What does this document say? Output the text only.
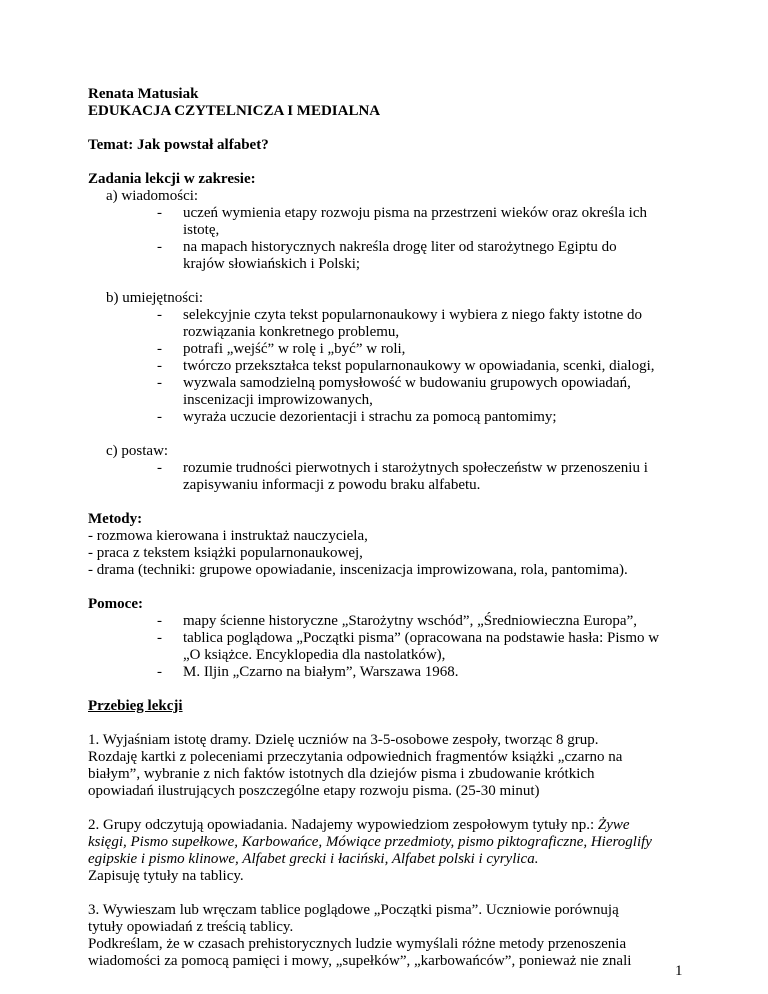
Renata Matusiak
EDUKACJA CZYTELNICZA I MEDIALNA
Temat: Jak powstał alfabet?
Zadania lekcji w zakresie:
a) wiadomości:
- uczeń wymienia etapy rozwoju pisma na przestrzeni wieków oraz określa ich
istotę,
- na mapach historycznych nakreśla drogę liter od starożytnego Egiptu do
krajów słowiańskich i Polski;
b) umiejętności:
- selekcyjnie czyta tekst popularnonaukowy i wybiera z niego fakty istotne do
rozwiązania konkretnego problemu,
- potrafi „wejść” w rolę i „być” w roli,
- twórczo przekształca tekst popularnonaukowy w opowiadania, scenki, dialogi,
- wyzwala samodzielną pomysłowość w budowaniu grupowych opowiadań,
inscenizacji improwizowanych,
- wyraża uczucie dezorientacji i strachu za pomocą pantomimy;
c) postaw:
- rozumie trudności pierwotnych i starożytnych społeczeństw w przenoszeniu i
zapisywaniu informacji z powodu braku alfabetu.
Metody:
- rozmowa kierowana i instruktaż nauczyciela,
- praca z tekstem książki popularnonaukowej,
- drama (techniki: grupowe opowiadanie, inscenizacja improwizowana, rola, pantomima).
Pomoce:
- mapy ścienne historyczne „Starożytny wschód”, „Średniowieczna Europa”,
- tablica poglądowa „Początki pisma” (opracowana na podstawie hasła: Pismo w
„O książce. Encyklopedia dla nastolatków),
- M. Iljin „Czarno na białym”, Warszawa 1968.
Przebieg lekcji
1. Wyjaśniam istotę dramy. Dzielę uczniów na 3-5-osobowe zespoły, tworząc 8 grup.
Rozdaję kartki z poleceniami przeczytania odpowiednich fragmentów książki „czarno na
białym”, wybranie z nich faktów istotnych dla dziejów pisma i zbudowanie krótkich
opowiadań ilustrujących poszczególne etapy rozwoju pisma. (25-30 minut)
2. Grupy odczytują opowiadania. Nadajemy wypowiedziom zespołowym tytuły np.: Żywe
księgi, Pismo supełkowe, Karbowańce, Mówiące przedmioty, pismo piktograficzne, Hieroglify
egipskie i pismo klinowe, Alfabet grecki i łaciński, Alfabet polski i cyrylica.
Zapisuję tytuły na tablicy.
3. Wywieszam lub wręczam tablice poglądowe „Początki pisma”. Uczniowie porównują
tytuły opowiadań z treścią tablicy.
Podkreślam, że w czasach prehistorycznych ludzie wymyślali różne metody przenoszenia
wiadomości za pomocą pamięci i mowy, „supełków”, „karbowańców”, ponieważ nie znali
1
